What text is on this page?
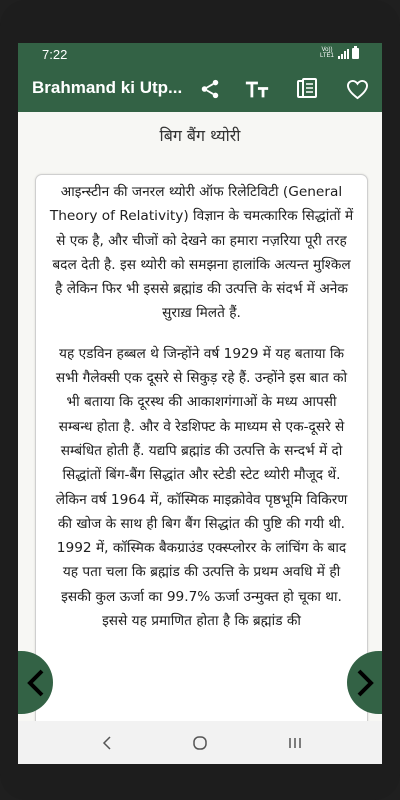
7:22	Vo))
LTE1
Brahmand ki Utp...
बिग बैंग थ्योरी

आइन्स्टीन की जनरल थ्योरी ऑफ रिलेटिविटी (General Theory of Relativity) विज्ञान के चमत्कारिक सिद्धांतों में से एक है, और चीजों को देखने का हमारा नज़रिया पूरी तरह बदल देती है. इस थ्योरी को समझना हालांकि अत्यन्त मुश्किल है लेकिन फिर भी इससे ब्रह्मांड की उत्पत्ति के संदर्भ में अनेक सुराख़ मिलते हैं.

यह एडविन हब्बल थे जिन्होंने वर्ष 1929 में यह बताया कि सभी गैलेक्सी एक दूसरे से सिकुड़ रहे हैं. उन्होंने इस बात को भी बताया कि दूरस्थ की आकाशगंगाओं के मध्य आपसी सम्बन्ध होता है. और वे रेडशिफ्ट के माध्यम से एक-दूसरे से सम्बंधित होती हैं. यद्यपि ब्रह्मांड की उत्पत्ति के सन्दर्भ में दो सिद्धांतों बिंग-बैंग सिद्धांत और स्टेडी स्टेट थ्योरी मौजूद थें. लेकिन वर्ष 1964 में, कॉस्मिक माइक्रोवेव पृष्ठभूमि विकिरण की खोज के साथ ही बिग बैंग सिद्धांत की पुष्टि की गयी थी. 1992 में, कॉस्मिक बैकग्राउंड एक्स्प्लोरर के लांचिंग के बाद यह पता चला कि ब्रह्मांड की उत्पत्ति के प्रथम अवधि में ही इसकी कुल ऊर्जा का 99.7% ऊर्जा उन्मुक्त हो चूका था. इससे यह प्रमाणित होता है कि ब्रह्मांड की
